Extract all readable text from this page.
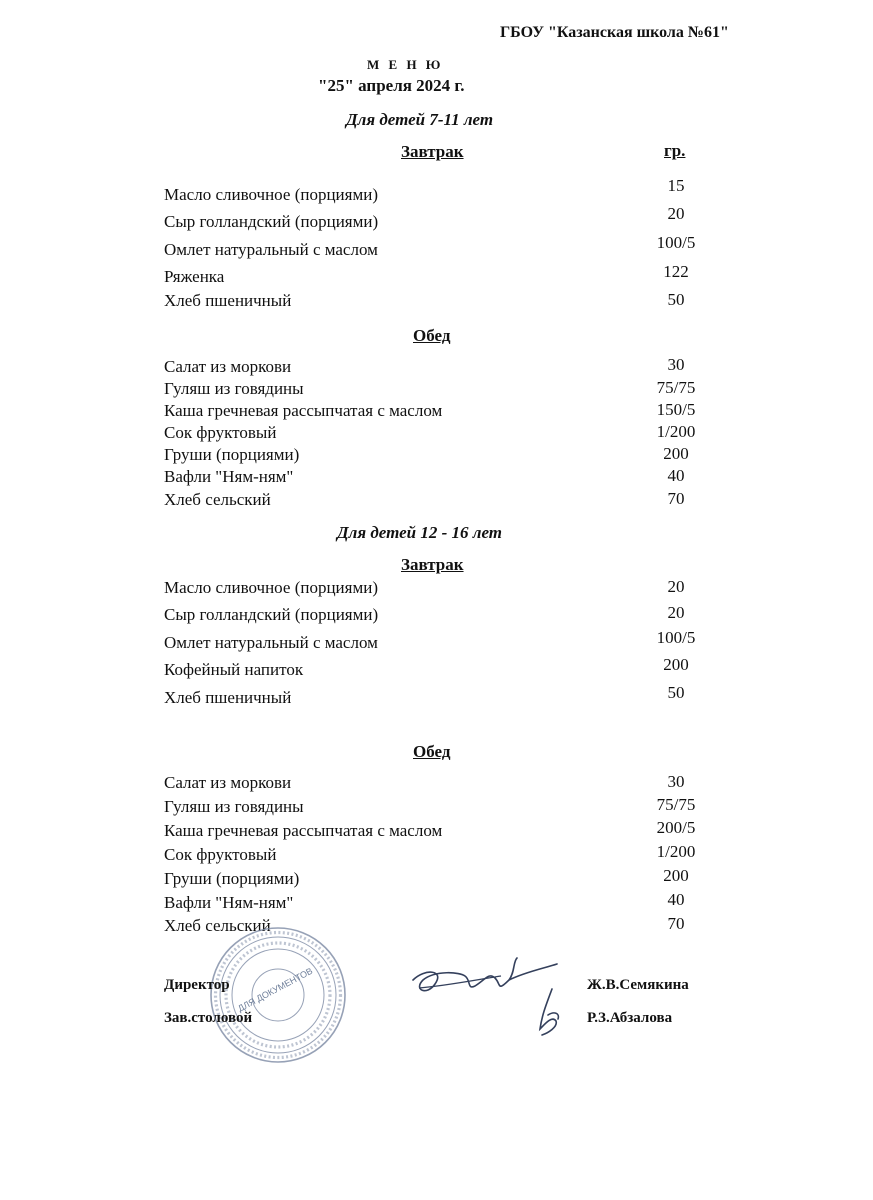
ГБОУ "Казанская школа №61"
М Е Н Ю
"25" апреля 2024 г.
Для детей 7-11 лет
Завтрак	гр.
Масло сливочное (порциями)	15
Сыр голландский (порциями)	20
Омлет натуральный с маслом	100/5
Ряженка	122
Хлеб пшеничный	50
Обед
Салат из моркови	30
Гуляш из говядины	75/75
Каша гречневая рассыпчатая с маслом	150/5
Сок фруктовый	1/200
Груши (порциями)	200
Вафли "Ням-ням"	40
Хлеб сельский	70
Для детей 12 - 16 лет
Завтрак
Масло сливочное (порциями)	20
Сыр голландский (порциями)	20
Омлет натуральный с маслом	100/5
Кофейный напиток	200
Хлеб пшеничный	50
Обед
Салат из моркови	30
Гуляш из говядины	75/75
Каша гречневая рассыпчатая с маслом	200/5
Сок фруктовый	1/200
Груши (порциями)	200
Вафли "Ням-ням"	40
Хлеб сельский	70
ДЛЯ ДОКУМЕНТОВ
Директор	Ж.В.Семякина
Зав.столовой	Р.З.Абзалова
